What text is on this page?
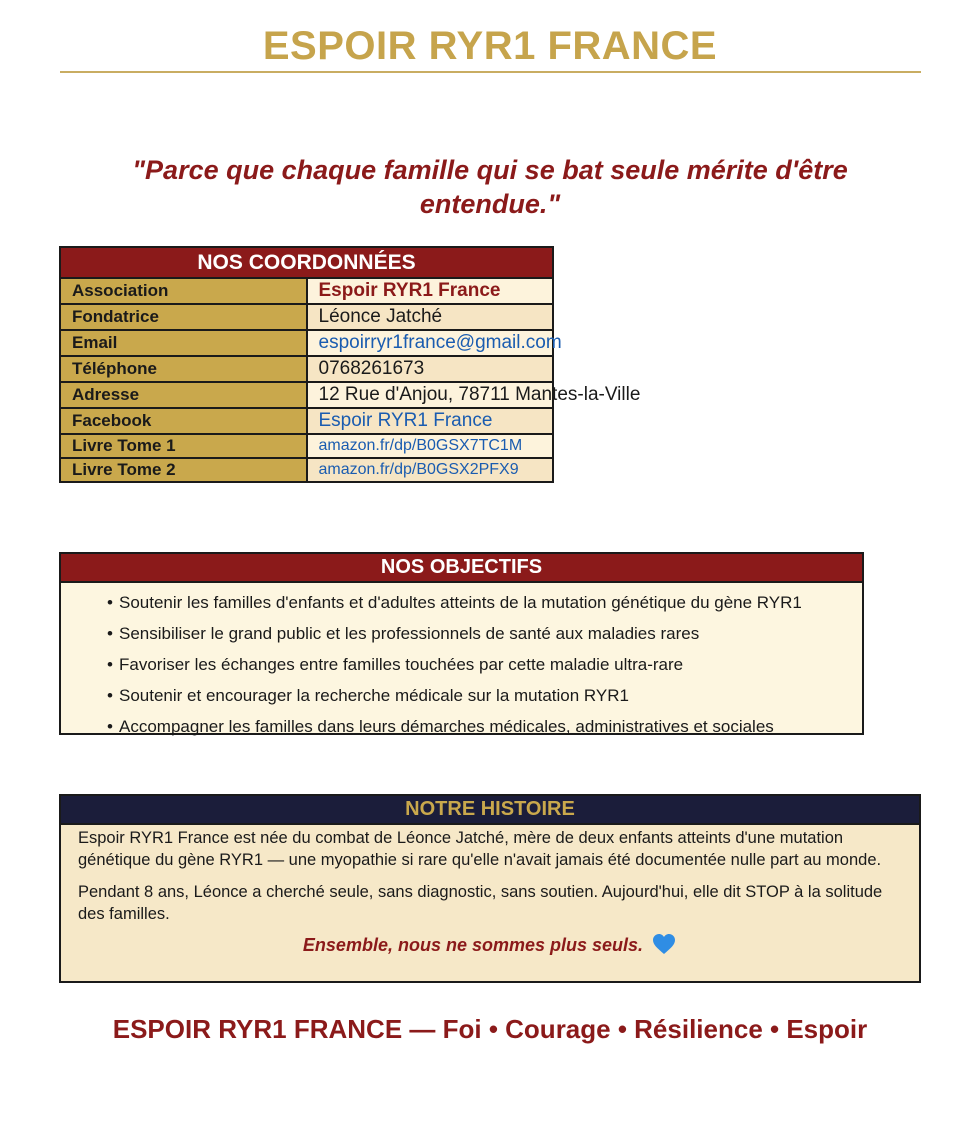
ESPOIR RYR1 FRANCE
"Parce que chaque famille qui se bat seule mérite d'être entendue."
NOS COORDONNÉES	
Association	Espoir RYR1 France
Fondatrice	Léonce Jatché
Email	espoirryr1france@gmail.com
Téléphone	0768261673
Adresse	12 Rue d'Anjou, 78711 Mantes-la-Ville
Facebook	Espoir RYR1 France
Livre Tome 1	amazon.fr/dp/B0GSX7TC1M
Livre Tome 2	amazon.fr/dp/B0GSX2PFX9
NOS OBJECTIFS
• Soutenir les familles d'enfants et d'adultes atteints de la mutation génétique du gène RYR1
• Sensibiliser le grand public et les professionnels de santé aux maladies rares
• Favoriser les échanges entre familles touchées par cette maladie ultra-rare
• Soutenir et encourager la recherche médicale sur la mutation RYR1
• Accompagner les familles dans leurs démarches médicales, administratives et sociales
NOTRE HISTOIRE

Espoir RYR1 France est née du combat de Léonce Jatché, mère de deux enfants atteints d'une mutation génétique du gène RYR1 — une myopathie si rare qu'elle n'avait jamais été documentée nulle part au monde.

Pendant 8 ans, Léonce a cherché seule, sans diagnostic, sans soutien. Aujourd'hui, elle dit STOP à la solitude des familles.

Ensemble, nous ne sommes plus seuls.
ESPOIR RYR1 FRANCE — Foi • Courage • Résilience • Espoir
